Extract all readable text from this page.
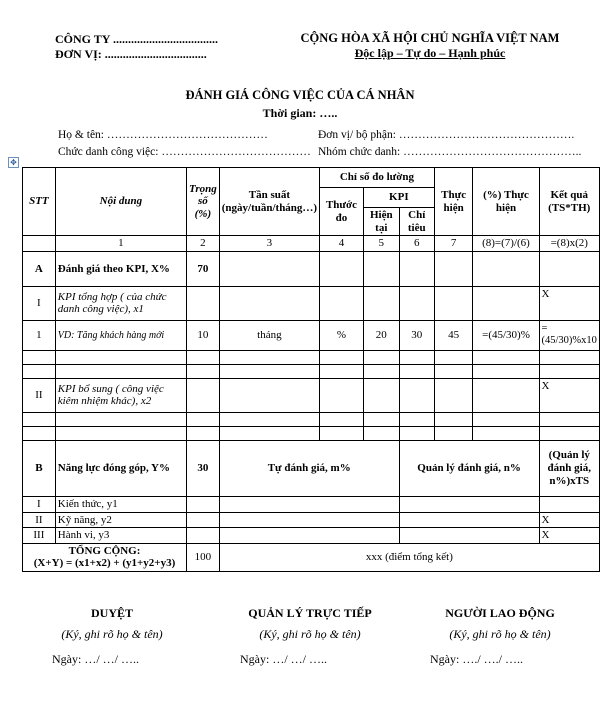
CÔNG TY ...................................
ĐƠN VỊ: ..................................
CỘNG HÒA XÃ HỘI CHỦ NGHĨA VIỆT NAM
Độc lập – Tự do – Hạnh phúc
ĐÁNH GIÁ CÔNG VIỆC CỦA CÁ NHÂN
Thời gian: …..
Họ & tên: ……………………………………	Đơn vị/ bộ phận: ……………………………………….
Chức danh công việc: ………………………………… Nhóm chức danh: ………………………………………..
✥
STT	Nội dung	Trọng số (%)	Tần suất (ngày/tuần/tháng…)	Chỉ số đo lường			Thực hiện	(%) Thực hiện	Kết quả (TS*TH)
				Thước đo	KPI				
					Hiện tại	Chỉ tiêu			

	1	2	3	4	5	6	7	(8)=(7)/(6)	=(8)x(2)
A	Đánh giá theo KPI, X%	70							
I	KPI tổng hợp ( của chức danh công việc), x1								X
1	VD: Tăng khách hàng mới	10	tháng	%	20	30	45	=(45/30)%	=(45/30)%x10

II	KPI bổ sung ( công việc kiêm nhiệm khác), x2								X

B	Năng lực đóng góp, Y%	30	Tự đánh giá, m%			Quản lý đánh giá, n%			(Quản lý đánh giá, n%)xTS
I	Kiến thức, y1								
II	Kỹ năng, y2								X
III	Hành vi, y3								X

TỔNG CỘNG:
(X+Y) = (x1+x2) + (y1+y2+y3)		100	xxx (điểm tổng kết)						
DUYỆT
(Ký, ghi rõ họ & tên)
Ngày: …/ …/ …..
QUẢN LÝ TRỰC TIẾP
(Ký, ghi rõ họ & tên)
Ngày: …/ …/ …..
NGƯỜI LAO ĐỘNG
(Ký, ghi rõ họ & tên)
Ngày: …./ …./ …..
